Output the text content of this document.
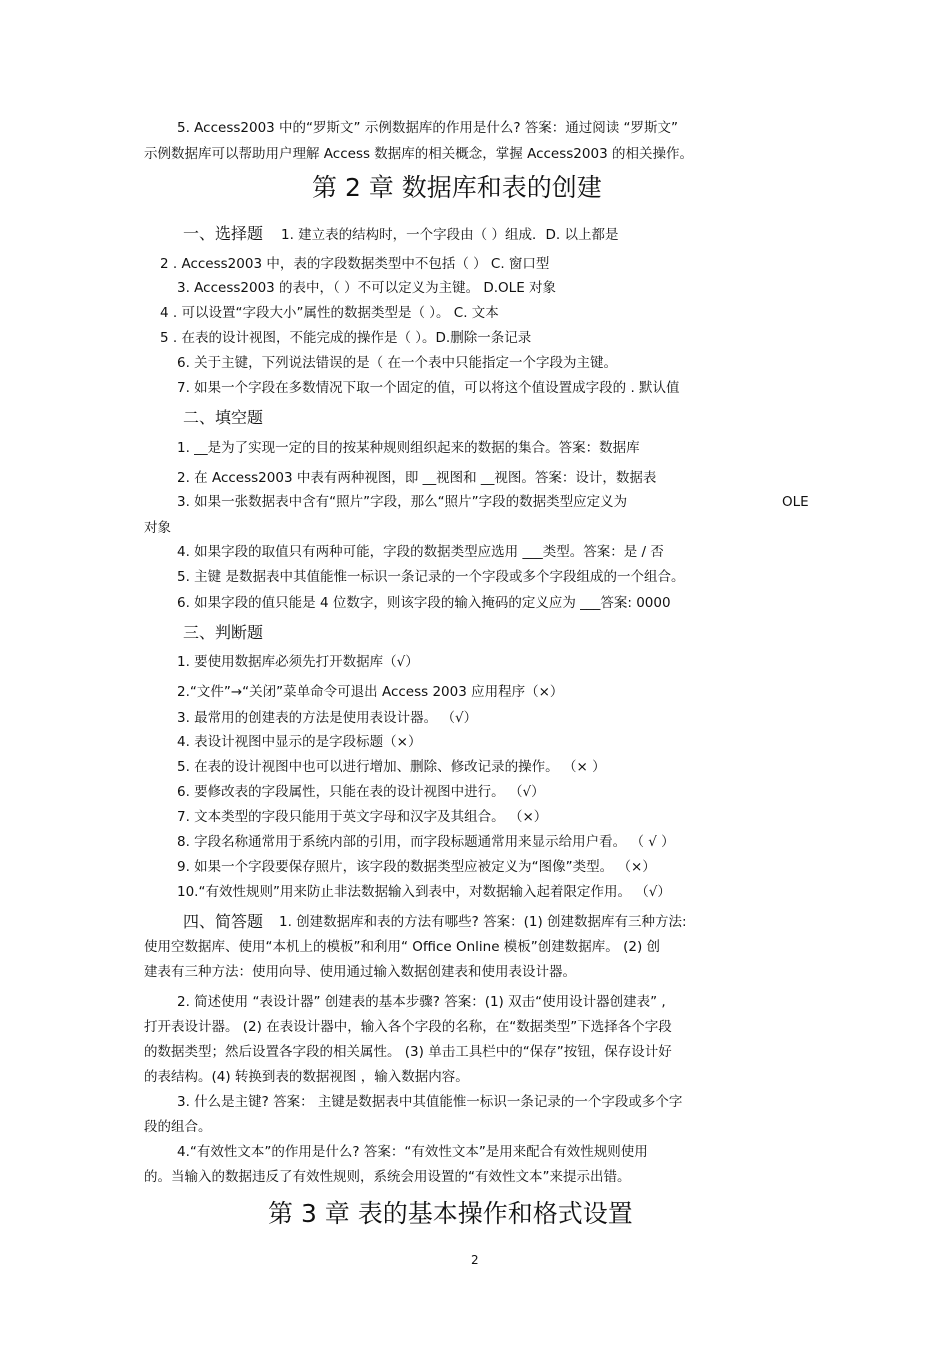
5. Access2003 中的“罗斯文” 示例数据库的作用是什么? 答案：通过阅读 “罗斯文”
示例数据库可以帮助用户理解 Access 数据库的相关概念，掌握 Access2003 的相关操作。
第 2 章 数据库和表的创建
一、选择题 1. 建立表的结构时，一个字段由（ ）组成．D. 以上都是
2 . Access2003 中，表的字段数据类型中不包括（ ） C. 窗口型
3. Access2003 的表中，（ ）不可以定义为主键。 D.OLE 对象
4 . 可以设置“字段大小”属性的数据类型是（ ）。 C. 文本
5 . 在表的设计视图，不能完成的操作是（ ）。D.删除一条记录
6. 关于主键，下列说法错误的是（ 在一个表中只能指定一个字段为主键。
7. 如果一个字段在多数情况下取一个固定的值，可以将这个值设置成字段的 . 默认值
二、填空题
1. __是为了实现一定的目的按某种规则组织起来的数据的集合。答案：数据库
2. 在 Access2003 中表有两种视图，即 __视图和 __视图。答案：设计，数据表
3. 如果一张数据表中含有“照片”字段，那么“照片”字段的数据类型应定义为	OLE
对象
4. 如果字段的取值只有两种可能，字段的数据类型应选用 ___类型。答案：是 / 否
5. 主键 是数据表中其值能惟一标识一条记录的一个字段或多个字段组成的一个组合。
6. 如果字段的值只能是 4 位数字，则该字段的输入掩码的定义应为 ___答案: 0000
三、判断题
1. 要使用数据库必须先打开数据库（√）
2.“文件”→“关闭”菜单命令可退出 Access 2003 应用程序（×）
3. 最常用的创建表的方法是使用表设计器。 （√）
4. 表设计视图中显示的是字段标题（×）
5. 在表的设计视图中也可以进行增加、删除、修改记录的操作。 （× ）
6. 要修改表的字段属性，只能在表的设计视图中进行。 （√）
7. 文本类型的字段只能用于英文字母和汉字及其组合。 （×）
8. 字段名称通常用于系统内部的引用，而字段标题通常用来显示给用户看。 （ √ ）
9. 如果一个字段要保存照片，该字段的数据类型应被定义为“图像”类型。 （×）
10.“有效性规则”用来防止非法数据输入到表中，对数据输入起着限定作用。 （√）
四、简答题 1. 创建数据库和表的方法有哪些? 答案：(1) 创建数据库有三种方法:
使用空数据库、使用“本机上的模板”和利用“ Office Online 模板”创建数据库。 (2) 创
建表有三种方法：使用向导、使用通过输入数据创建表和使用表设计器。
2. 简述使用 “表设计器” 创建表的基本步骤? 答案：(1) 双击“使用设计器创建表” ,
打开表设计器。 (2) 在表设计器中，输入各个字段的名称，在“数据类型”下选择各个字段
的数据类型；然后设置各字段的相关属性。 (3) 单击工具栏中的“保存”按钮，保存设计好
的表结构。(4) 转换到表的数据视图 ，输入数据内容。
3. 什么是主键? 答案： 主键是数据表中其值能惟一标识一条记录的一个字段或多个字
段的组合。
4.“有效性文本”的作用是什么? 答案：“有效性文本”是用来配合有效性规则使用
的。当输入的数据违反了有效性规则，系统会用设置的“有效性文本”来提示出错。
第 3 章 表的基本操作和格式设置
2
